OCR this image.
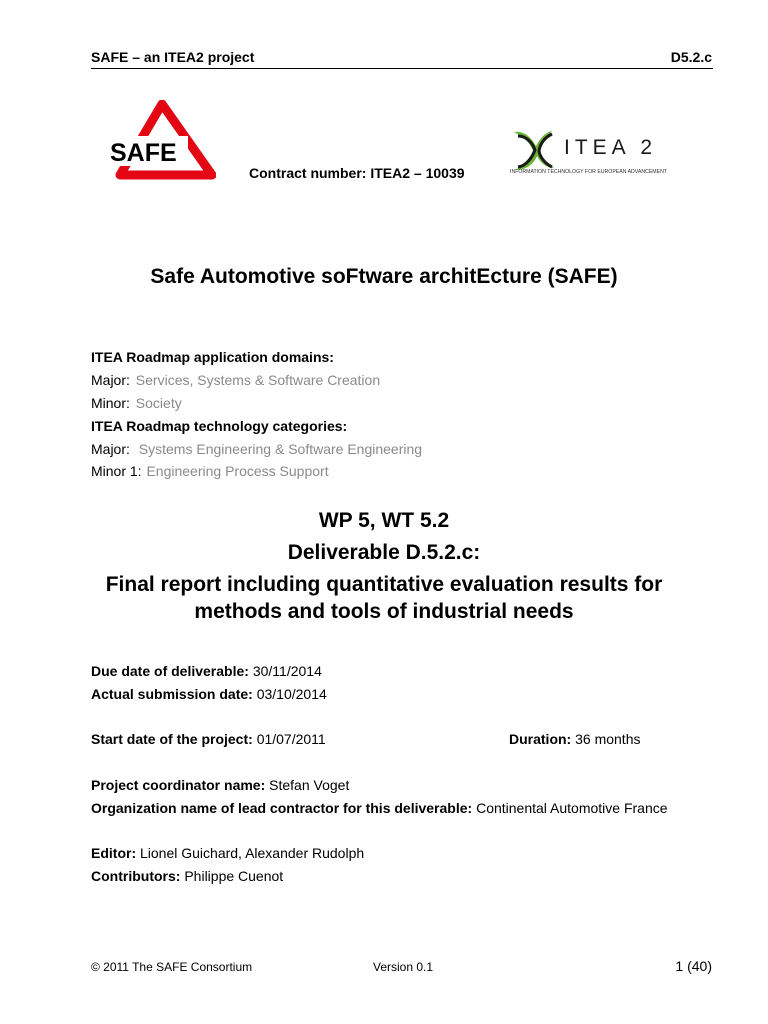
SAFE – an ITEA2 project	D5.2.c
SAFE	ITEA 2
INFORMATION TECHNOLOGY FOR EUROPEAN ADVANCEMENT
Contract number: ITEA2 – 10039
Safe Automotive soFtware architEcture (SAFE)
ITEA Roadmap application domains:
Major: Services, Systems & Software Creation
Minor: Society
ITEA Roadmap technology categories:
Major: Systems Engineering & Software Engineering
Minor 1: Engineering Process Support
WP 5, WT 5.2
Deliverable D.5.2.c:
Final report including quantitative evaluation results for
methods and tools of industrial needs
Due date of deliverable: 30/11/2014
Actual submission date: 03/10/2014
Start date of the project: 01/07/2011	Duration: 36 months
Project coordinator name: Stefan Voget
Organization name of lead contractor for this deliverable: Continental Automotive France
Editor: Lionel Guichard, Alexander Rudolph
Contributors: Philippe Cuenot
© 2011 The SAFE Consortium	Version 0.1	1 (40)
